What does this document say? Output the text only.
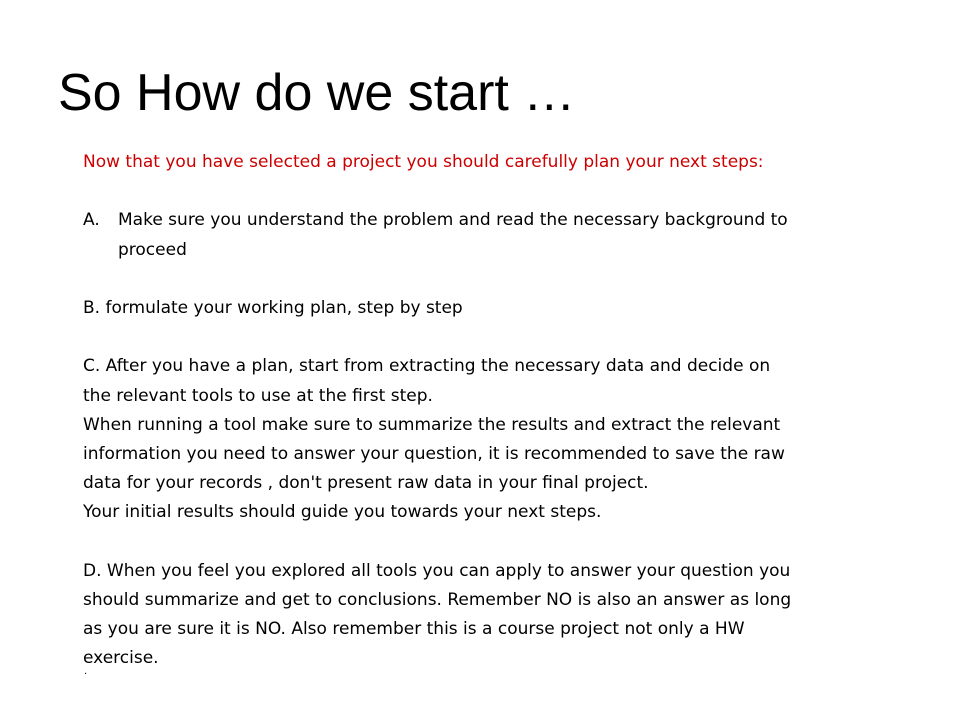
So How do we start …
Now that you have selected a project you should carefully plan your next steps:
A.	Make sure you understand the problem and read the necessary background to
proceed
B. formulate your working plan, step by step
C. After you have a plan, start from extracting the necessary data and decide on
the relevant tools to use at the first step.
When running a tool make sure to summarize the results and extract the relevant
information you need to answer your question, it is recommended to save the raw
data for your records , don't present raw data in your final project.
Your initial results should guide you towards your next steps.
D. When you feel you explored all tools you can apply to answer your question you
should summarize and get to conclusions. Remember NO is also an answer as long
as you are sure it is NO. Also remember this is a course project not only a HW
exercise.
.
